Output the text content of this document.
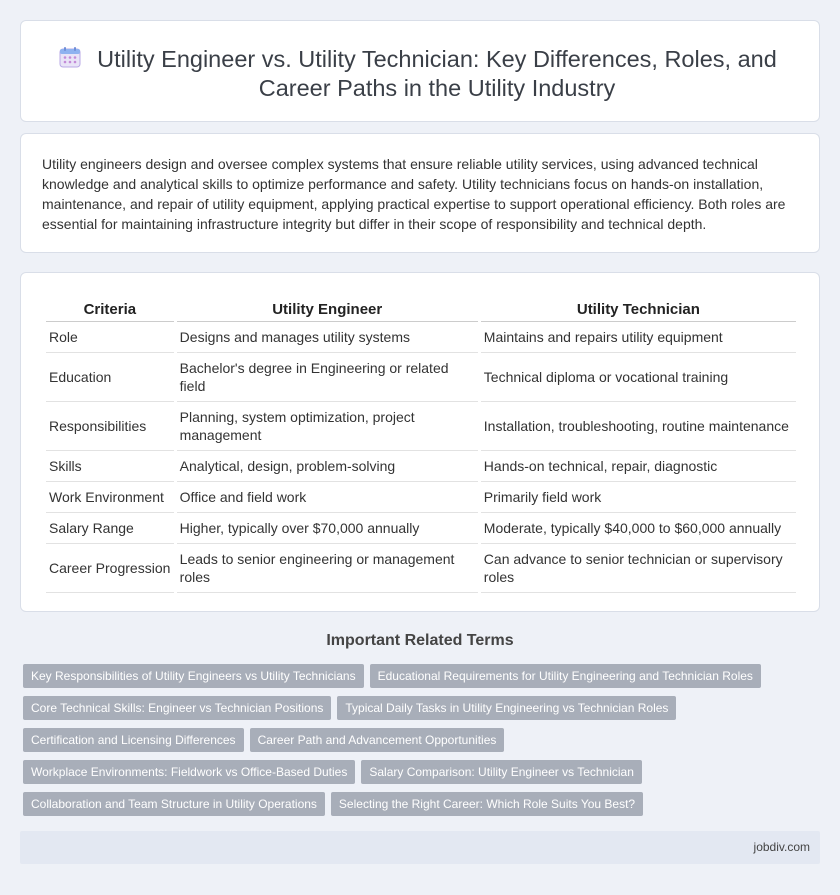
Utility Engineer vs. Utility Technician: Key Differences, Roles, and Career Paths in the Utility Industry

Utility engineers design and oversee complex systems that ensure reliable utility services, using advanced technical knowledge and analytical skills to optimize performance and safety. Utility technicians focus on hands-on installation, maintenance, and repair of utility equipment, applying practical expertise to support operational efficiency. Both roles are essential for maintaining infrastructure integrity but differ in their scope of responsibility and technical depth.

Criteria	Utility Engineer	Utility Technician
Role	Designs and manages utility systems	Maintains and repairs utility equipment
Education	Bachelor's degree in Engineering or related field	Technical diploma or vocational training
Responsibilities	Planning, system optimization, project management	Installation, troubleshooting, routine maintenance
Skills	Analytical, design, problem-solving	Hands-on technical, repair, diagnostic
Work Environment	Office and field work	Primarily field work
Salary Range	Higher, typically over $70,000 annually	Moderate, typically $40,000 to $60,000 annually
Career Progression	Leads to senior engineering or management roles	Can advance to senior technician or supervisory roles
Important Related Terms
Key Responsibilities of Utility Engineers vs Utility Technicians Educational Requirements for Utility Engineering and Technician Roles
Core Technical Skills: Engineer vs Technician Positions Typical Daily Tasks in Utility Engineering vs Technician Roles
Certification and Licensing Differences Career Path and Advancement Opportunities
Workplace Environments: Fieldwork vs Office-Based Duties Salary Comparison: Utility Engineer vs Technician
Collaboration and Team Structure in Utility Operations Selecting the Right Career: Which Role Suits You Best?
jobdiv.com
